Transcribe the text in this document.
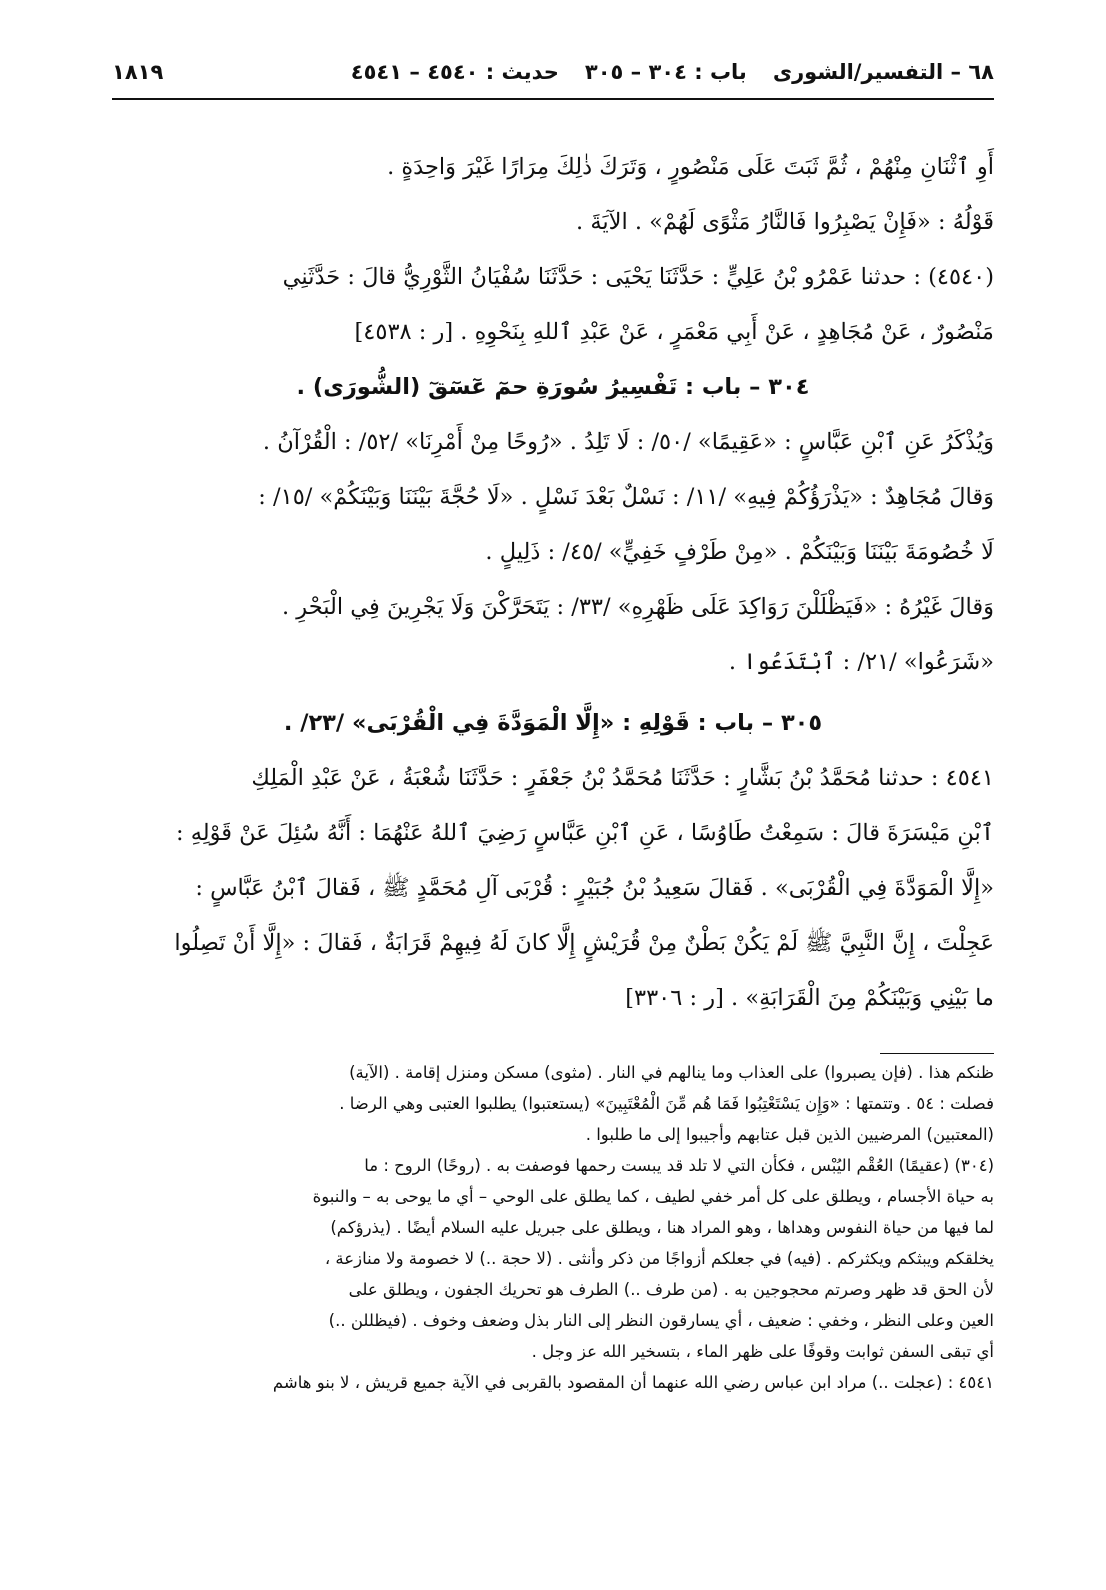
٦٨ – التفسير/الشورى
باب : ٣٠٤ – ٣٠٥
حديث : ٤٥٤٠ – ٤٥٤١
١٨١٩

أَوِ ٱثْنَانِ مِنْهُمْ ، ثُمَّ ثَبَتَ عَلَى مَنْصُورٍ ، وَتَرَكَ ذٰلِكَ مِرَارًا غَيْرَ وَاحِدَةٍ .

قَوْلُهُ : «فَإِنْ يَصْبِرُوا فَالنَّارُ مَثْوًى لَهُمْ» . الآيَةَ .

(٤٥٤٠) : حدثنا عَمْرُو بْنُ عَلِيٍّ : حَدَّثَنَا يَحْيَى : حَدَّثَنَا سُفْيَانُ الثَّوْرِيُّ قالَ : حَدَّثَنِي

مَنْصُورٌ ، عَنْ مُجَاهِدٍ ، عَنْ أَبِي مَعْمَرٍ ، عَنْ عَبْدِ ٱللهِ بِنَحْوِهِ . [ر : ٤٥٣٨]

٣٠٤ – باب : تَفْسِيرُ سُورَةِ حمٓ عٓسٓقٓ (الشُّورَى) .

وَيُذْكَرُ عَنِ ٱبْنِ عَبَّاسٍ : «عَقِيمًا» /٥٠/ : لَا تَلِدُ . «رُوحًا مِنْ أَمْرِنَا» /٥٢/ : الْقُرْآنُ .

وَقالَ مُجَاهِدٌ : «يَذْرَؤُكُمْ فِيهِ» /١١/ : نَسْلٌ بَعْدَ نَسْلٍ . «لَا حُجَّةَ بَيْنَنَا وَبَيْنَكُمْ» /١٥/ :

لَا خُصُومَةَ بَيْنَنَا وَبَيْنَكُمْ . «مِنْ طَرْفٍ خَفِيٍّ» /٤٥/ : ذَلِيلٍ .

وَقالَ غَيْرُهُ : «فَيَظْلَلْنَ رَوَاكِدَ عَلَى ظَهْرِهِ» /٣٣/ : يَتَحَرَّكْنَ وَلَا يَجْرِينَ فِي الْبَحْرِ .

«شَرَعُوا» /٢١/ : ٱبْتَدَعُوا .

٣٠٥ – باب : قَوْلِهِ : «إِلَّا الْمَوَدَّةَ فِي الْقُرْبَى» /٢٣/ .

٤٥٤١ : حدثنا مُحَمَّدُ بْنُ بَشَّارٍ : حَدَّثَنَا مُحَمَّدُ بْنُ جَعْفَرٍ : حَدَّثَنَا شُعْبَةُ ، عَنْ عَبْدِ الْمَلِكِ

ٱبْنِ مَيْسَرَةَ قالَ : سَمِعْتُ طَاوُسًا ، عَنِ ٱبْنِ عَبَّاسٍ رَضِيَ ٱللهُ عَنْهُمَا : أَنَّهُ سُئِلَ عَنْ قَوْلِهِ :

«إِلَّا الْمَوَدَّةَ فِي الْقُرْبَى» . فَقالَ سَعِيدُ بْنُ جُبَيْرٍ : قُرْبَى آلِ مُحَمَّدٍ ﷺ ، فَقالَ ٱبْنُ عَبَّاسٍ :

عَجِلْتَ ، إِنَّ النَّبِيَّ ﷺ لَمْ يَكُنْ بَطْنٌ مِنْ قُرَيْشٍ إِلَّا كانَ لَهُ فِيهِمْ قَرَابَةٌ ، فَقالَ : «إِلَّا أَنْ تَصِلُوا

ما بَيْنِي وَبَيْنَكُمْ مِنَ الْقَرَابَةِ» . [ر : ٣٣٠٦]

ظنكم هذا . (فإن يصبروا) على العذاب وما ينالهم في النار . (مثوى) مسكن ومنزل إقامة . (الآية)

فصلت : ٥٤ . وتتمتها : «وَإِن يَسْتَعْتِبُوا فَمَا هُم مِّنَ الْمُعْتَبِينَ» (يستعتبوا) يطلبوا العتبى وهي الرضا .

(المعتبين) المرضيين الذين قبل عتابهم وأجيبوا إلى ما طلبوا .

(٣٠٤) (عقيمًا) العُقْم اليُبْس ، فكأن التي لا تلد قد يبست رحمها فوصفت به . (روحًا) الروح : ما

به حياة الأجسام ، ويطلق على كل أمر خفي لطيف ، كما يطلق على الوحي – أي ما يوحى به – والنبوة

لما فيها من حياة النفوس وهداها ، وهو المراد هنا ، ويطلق على جبريل عليه السلام أيضًا . (يذرؤكم)

يخلقكم ويبثكم ويكثركم . (فيه) في جعلكم أزواجًا من ذكر وأنثى . (لا حجة ..) لا خصومة ولا منازعة ،

لأن الحق قد ظهر وصرتم محجوجين به . (من طرف ..) الطرف هو تحريك الجفون ، ويطلق على

العين وعلى النظر ، وخفي : ضعيف ، أي يسارقون النظر إلى النار بذل وضعف وخوف . (فيظللن ..)

أي تبقى السفن ثوابت وقوفًا على ظهر الماء ، بتسخير الله عز وجل .

٤٥٤١ : (عجلت ..) مراد ابن عباس رضي الله عنهما أن المقصود بالقربى في الآية جميع قريش ، لا بنو هاشم
